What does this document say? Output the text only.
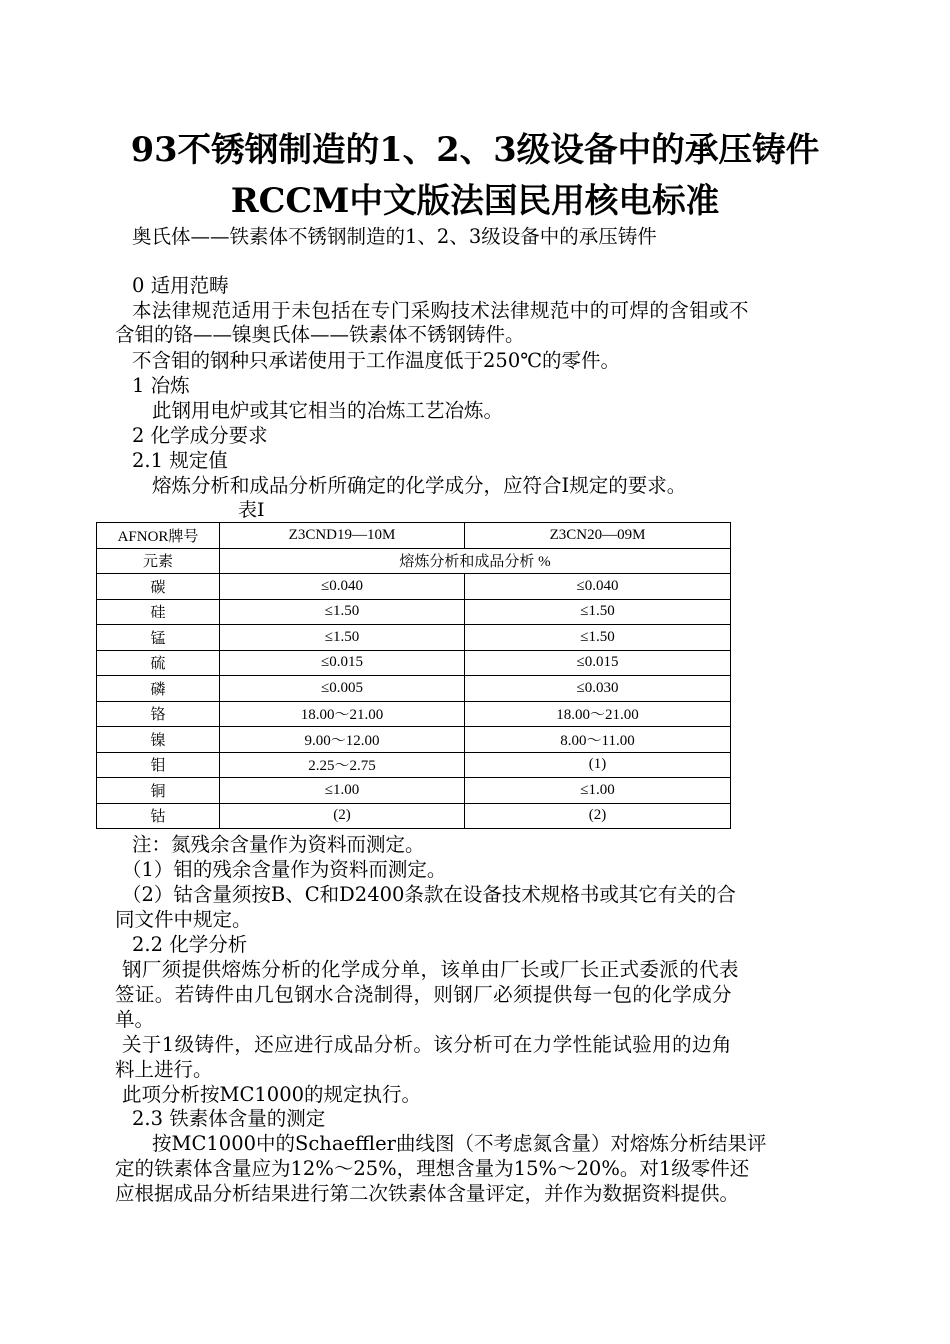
93不锈钢制造的1、2、3级设备中的承压铸件
RCCM中文版法国民用核电标准
奥氏体——铁素体不锈钢制造的1、2、3级设备中的承压铸件
0 适用范畴
本法律规范适用于未包括在专门采购技术法律规范中的可焊的含钼或不
含钼的铬——镍奥氏体——铁素体不锈钢铸件。
不含钼的钢种只承诺使用于工作温度低于250℃的零件。
1 冶炼
此钢用电炉或其它相当的冶炼工艺冶炼。
2 化学成分要求
2.1 规定值
熔炼分析和成品分析所确定的化学成分，应符合I规定的要求。
表I
AFNOR牌号	Z3CND19—10M	Z3CN20—09M
元素	熔炼分析和成品分析 %	
碳	≤0.040	≤0.040
硅	≤1.50	≤1.50
锰	≤1.50	≤1.50
硫	≤0.015	≤0.015
磷	≤0.005	≤0.030
铬	18.00～21.00	18.00～21.00
镍	9.00～12.00	8.00～11.00
钼	2.25～2.75	(1)
铜	≤1.00	≤1.00
钴	(2)	(2)
注：氮残余含量作为资料而测定。
（1）钼的残余含量作为资料而测定。
（2）钴含量须按B、C和D2400条款在设备技术规格书或其它有关的合
同文件中规定。
2.2 化学分析
钢厂须提供熔炼分析的化学成分单，该单由厂长或厂长正式委派的代表
签证。若铸件由几包钢水合浇制得，则钢厂必须提供每一包的化学成分
单。
关于1级铸件，还应进行成品分析。该分析可在力学性能试验用的边角
料上进行。
此项分析按MC1000的规定执行。
2.3 铁素体含量的测定
按MC1000中的Schaeffler曲线图（不考虑氮含量）对熔炼分析结果评
定的铁素体含量应为12%～25%，理想含量为15%～20%。对1级零件还
应根据成品分析结果进行第二次铁素体含量评定，并作为数据资料提供。
